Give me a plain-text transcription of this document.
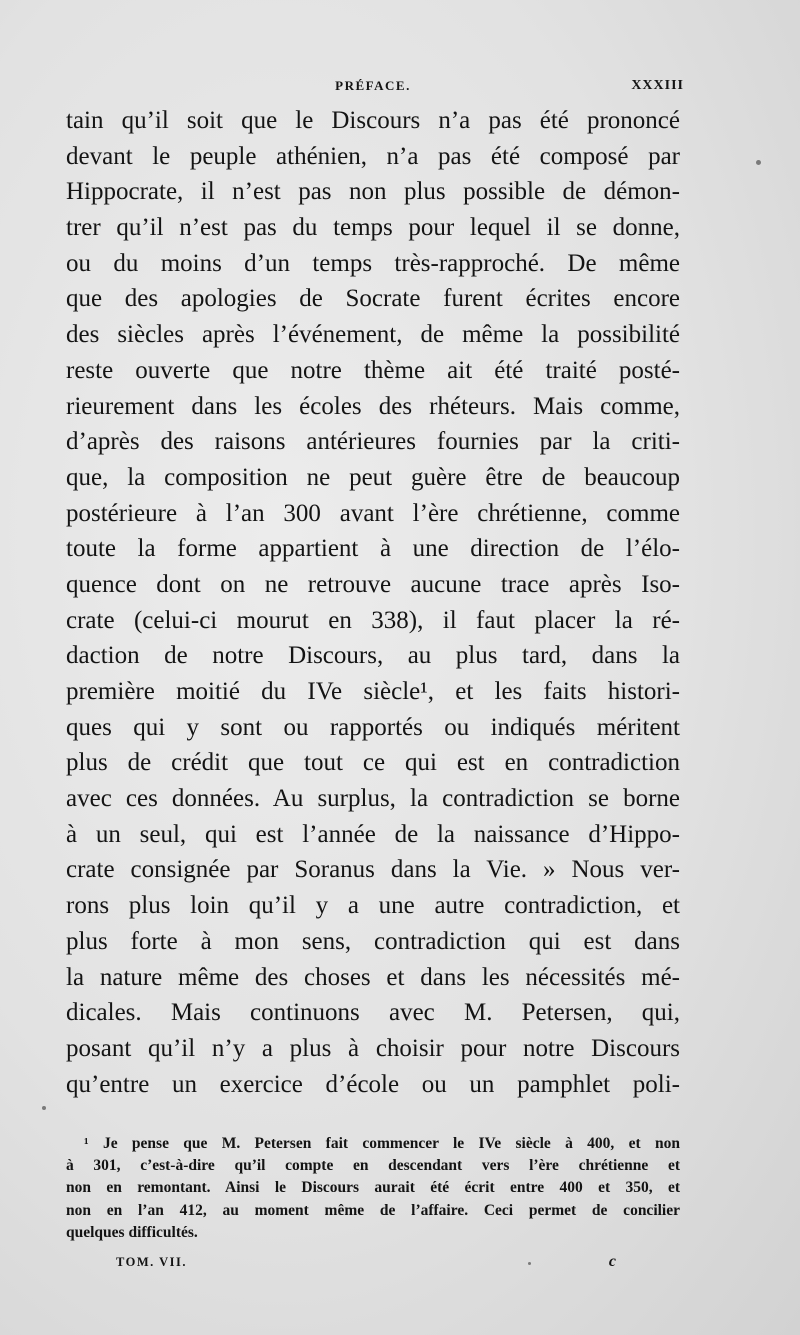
PRÉFACE.	XXXIII
tain qu’il soit que le Discours n’a pas été prononcé
devant le peuple athénien, n’a pas été composé par
Hippocrate, il n’est pas non plus possible de démon-
trer qu’il n’est pas du temps pour lequel il se donne,
ou du moins d’un temps très-rapproché. De même
que des apologies de Socrate furent écrites encore
des siècles après l’événement, de même la possibilité
reste ouverte que notre thème ait été traité posté-
rieurement dans les écoles des rhéteurs. Mais comme,
d’après des raisons antérieures fournies par la criti-
que, la composition ne peut guère être de beaucoup
postérieure à l’an 300 avant l’ère chrétienne, comme
toute la forme appartient à une direction de l’élo-
quence dont on ne retrouve aucune trace après Iso-
crate (celui-ci mourut en 338), il faut placer la ré-
daction de notre Discours, au plus tard, dans la
première moitié du IVe siècle¹, et les faits histori-
ques qui y sont ou rapportés ou indiqués méritent
plus de crédit que tout ce qui est en contradiction
avec ces données. Au surplus, la contradiction se borne
à un seul, qui est l’année de la naissance d’Hippo-
crate consignée par Soranus dans la Vie. » Nous ver-
rons plus loin qu’il y a une autre contradiction, et
plus forte à mon sens, contradiction qui est dans
la nature même des choses et dans les nécessités mé-
dicales. Mais continuons avec M. Petersen, qui,
posant qu’il n’y a plus à choisir pour notre Discours
qu’entre un exercice d’école ou un pamphlet poli-
¹ Je pense que M. Petersen fait commencer le IVe siècle à 400, et non
à 301, c’est-à-dire qu’il compte en descendant vers l’ère chrétienne et
non en remontant. Ainsi le Discours aurait été écrit entre 400 et 350, et
non en l’an 412, au moment même de l’affaire. Ceci permet de concilier
quelques difficultés.
TOM. VII.	c
